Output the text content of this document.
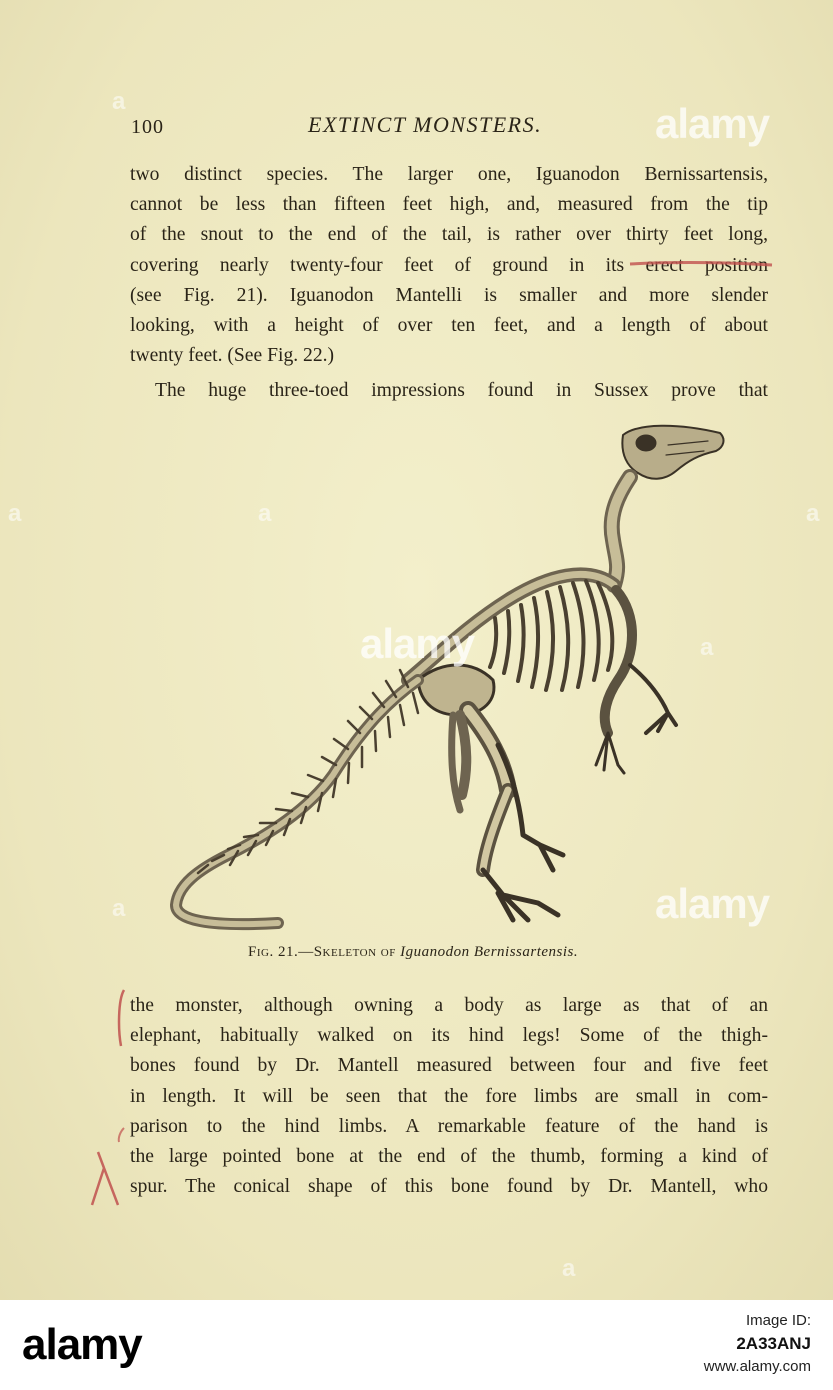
100	EXTINCT MONSTERS.
two distinct species. The larger one, Iguanodon Bernissartensis,
cannot be less than fifteen feet high, and, measured from the tip
of the snout to the end of the tail, is rather over thirty feet long,
covering nearly twenty-four feet of ground in its erect position
(see Fig. 21). Iguanodon Mantelli is smaller and more slender
looking, with a height of over ten feet, and a length of about
twenty feet. (See Fig. 22.)
The huge three-toed impressions found in Sussex prove that
Fig. 21.—Skeleton of Iguanodon Bernissartensis.
the monster, although owning a body as large as that of an
elephant, habitually walked on its hind legs! Some of the thigh-
bones found by Dr. Mantell measured between four and five feet
in length. It will be seen that the fore limbs are small in com-
parison to the hind limbs. A remarkable feature of the hand is
the large pointed bone at the end of the thumb, forming a kind of
spur. The conical shape of this bone found by Dr. Mantell, who
alamy
alamy
alamy
a
a
a
a
a
a	a
alamy	Image ID:
2A33ANJ
www.alamy.com
